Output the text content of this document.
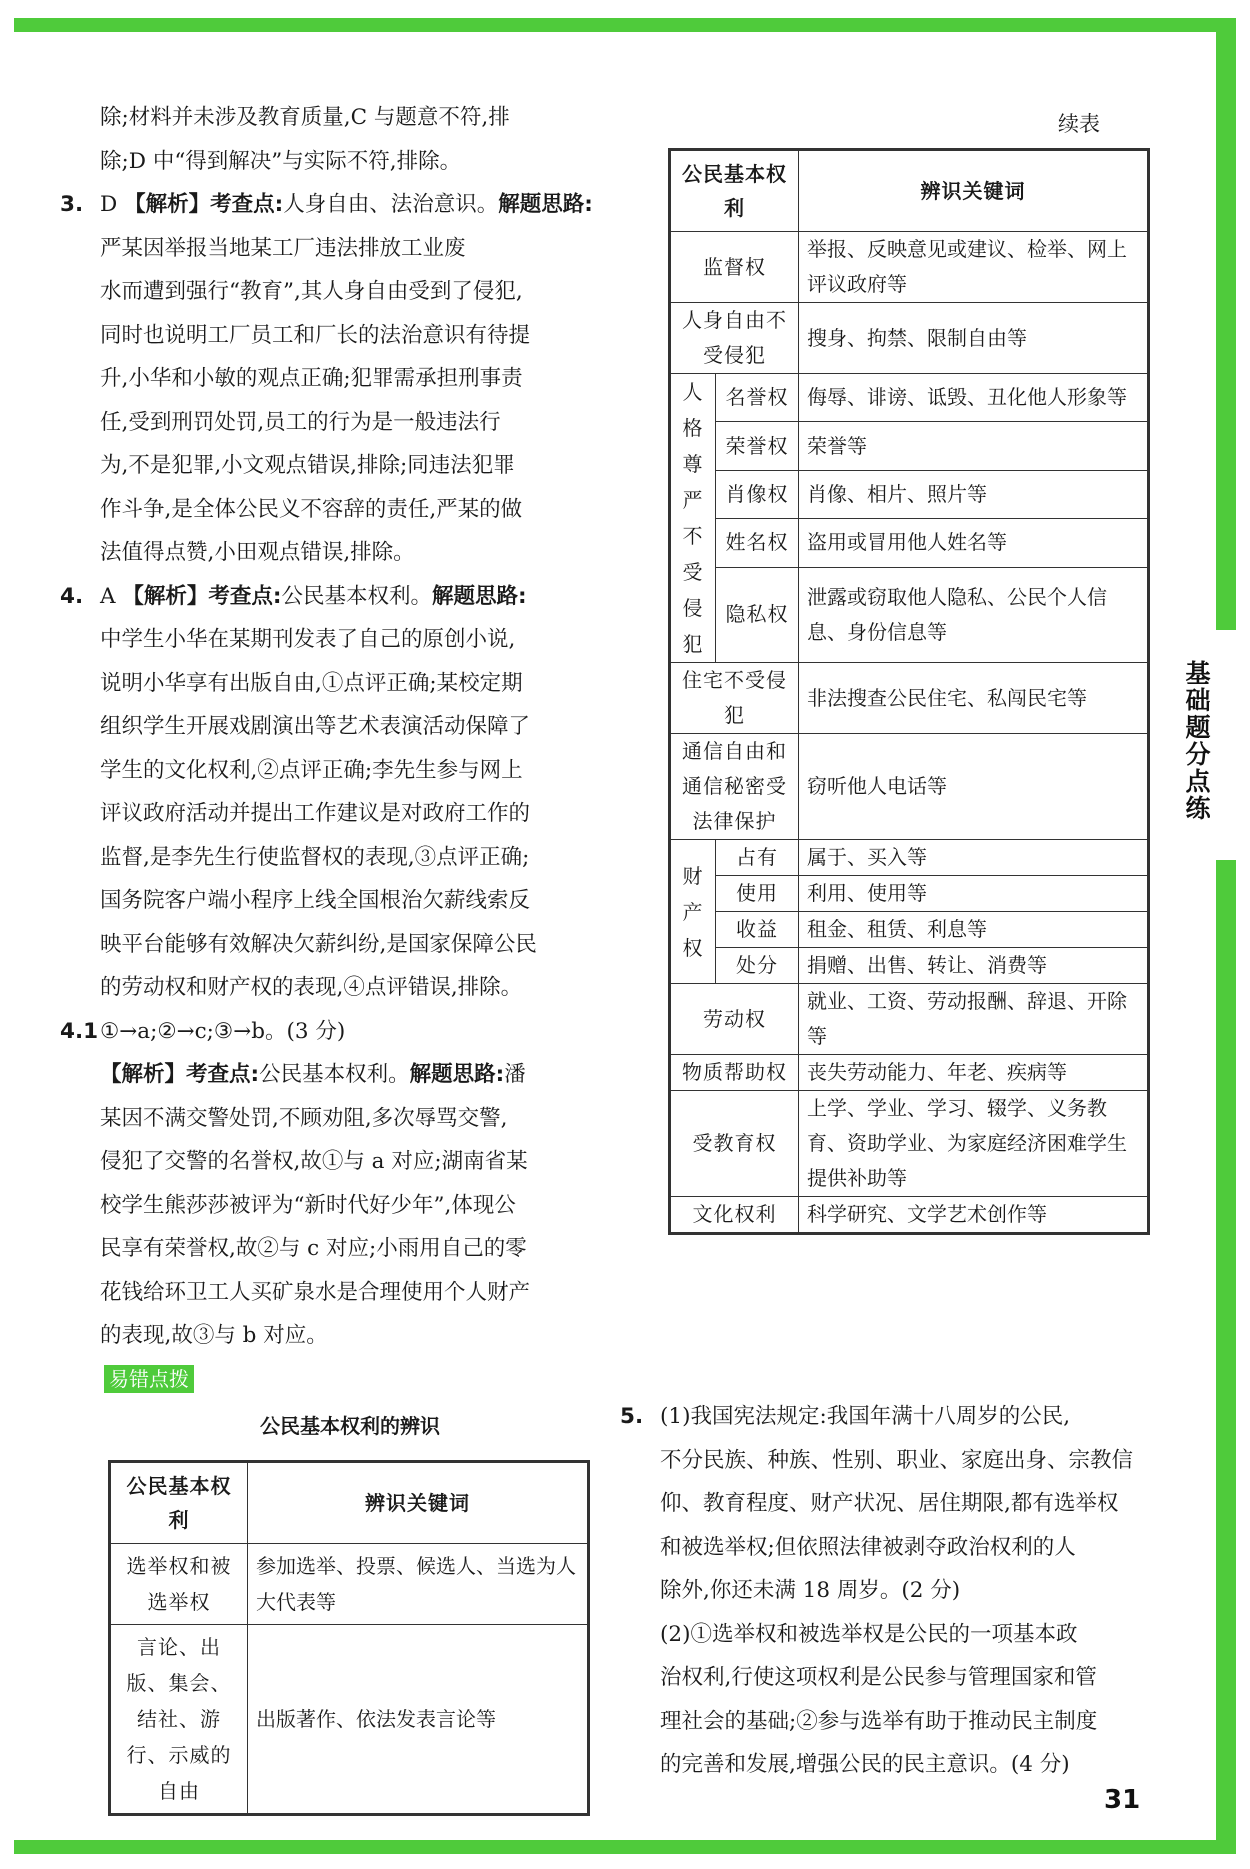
基础题分点练

除;材料并未涉及教育质量,C 与题意不符,排

除;D 中“得到解决”与实际不符,排除。

3. D 【解析】考查点:人身自由、法治意识。解题思路:

严某因举报当地某工厂违法排放工业废

水而遭到强行“教育”,其人身自由受到了侵犯,

同时也说明工厂员工和厂长的法治意识有待提

升,小华和小敏的观点正确;犯罪需承担刑事责

任,受到刑罚处罚,员工的行为是一般违法行

为,不是犯罪,小文观点错误,排除;同违法犯罪

作斗争,是全体公民义不容辞的责任,严某的做

法值得点赞,小田观点错误,排除。

4. A 【解析】考查点:公民基本权利。解题思路:

中学生小华在某期刊发表了自己的原创小说,

说明小华享有出版自由,①点评正确;某校定期

组织学生开展戏剧演出等艺术表演活动保障了

学生的文化权利,②点评正确;李先生参与网上

评议政府活动并提出工作建议是对政府工作的

监督,是李先生行使监督权的表现,③点评正确;

国务院客户端小程序上线全国根治欠薪线索反

映平台能够有效解决欠薪纠纷,是国家保障公民

的劳动权和财产权的表现,④点评错误,排除。

4.1①→a;②→c;③→b。(3 分)

【解析】考查点:公民基本权利。解题思路:潘

某因不满交警处罚,不顾劝阻,多次辱骂交警,

侵犯了交警的名誉权,故①与 a 对应;湖南省某

校学生熊莎莎被评为“新时代好少年”,体现公

民享有荣誉权,故②与 c 对应;小雨用自己的零

花钱给环卫工人买矿泉水是合理使用个人财产

的表现,故③与 b 对应。

易错点拨
公民基本权利的辨识
公民基本权利	辨识关键词
选举权和被选举权	参加选举、投票、候选人、当选为人大代表等
言论、出版、集会、结社、游行、示威的自由	出版著作、依法发表言论等
续表
公民基本权利		辨识关键词
监督权		举报、反映意见或建议、检举、网上评议政府等
人身自由不受侵犯		搜身、拘禁、限制自由等
人格尊严不受侵犯	名誉权	侮辱、诽谤、诋毁、丑化他人形象等
	荣誉权	荣誉等
	肖像权	肖像、相片、照片等
	姓名权	盗用或冒用他人姓名等
	隐私权	泄露或窃取他人隐私、公民个人信息、身份信息等
住宅不受侵犯		非法搜查公民住宅、私闯民宅等
通信自由和通信秘密受法律保护		窃听他人电话等
财产权	占有	属于、买入等
	使用	利用、使用等
	收益	租金、租赁、利息等
	处分	捐赠、出售、转让、消费等
劳动权		就业、工资、劳动报酬、辞退、开除等
物质帮助权		丧失劳动能力、年老、疾病等
受教育权		上学、学业、学习、辍学、义务教育、资助学业、为家庭经济困难学生提供补助等
文化权利		科学研究、文学艺术创作等

5. (1)我国宪法规定:我国年满十八周岁的公民,

不分民族、种族、性别、职业、家庭出身、宗教信

仰、教育程度、财产状况、居住期限,都有选举权

和被选举权;但依照法律被剥夺政治权利的人

除外,你还未满 18 周岁。(2 分)

(2)①选举权和被选举权是公民的一项基本政

治权利,行使这项权利是公民参与管理国家和管

理社会的基础;②参与选举有助于推动民主制度

的完善和发展,增强公民的民主意识。(4 分)

31
